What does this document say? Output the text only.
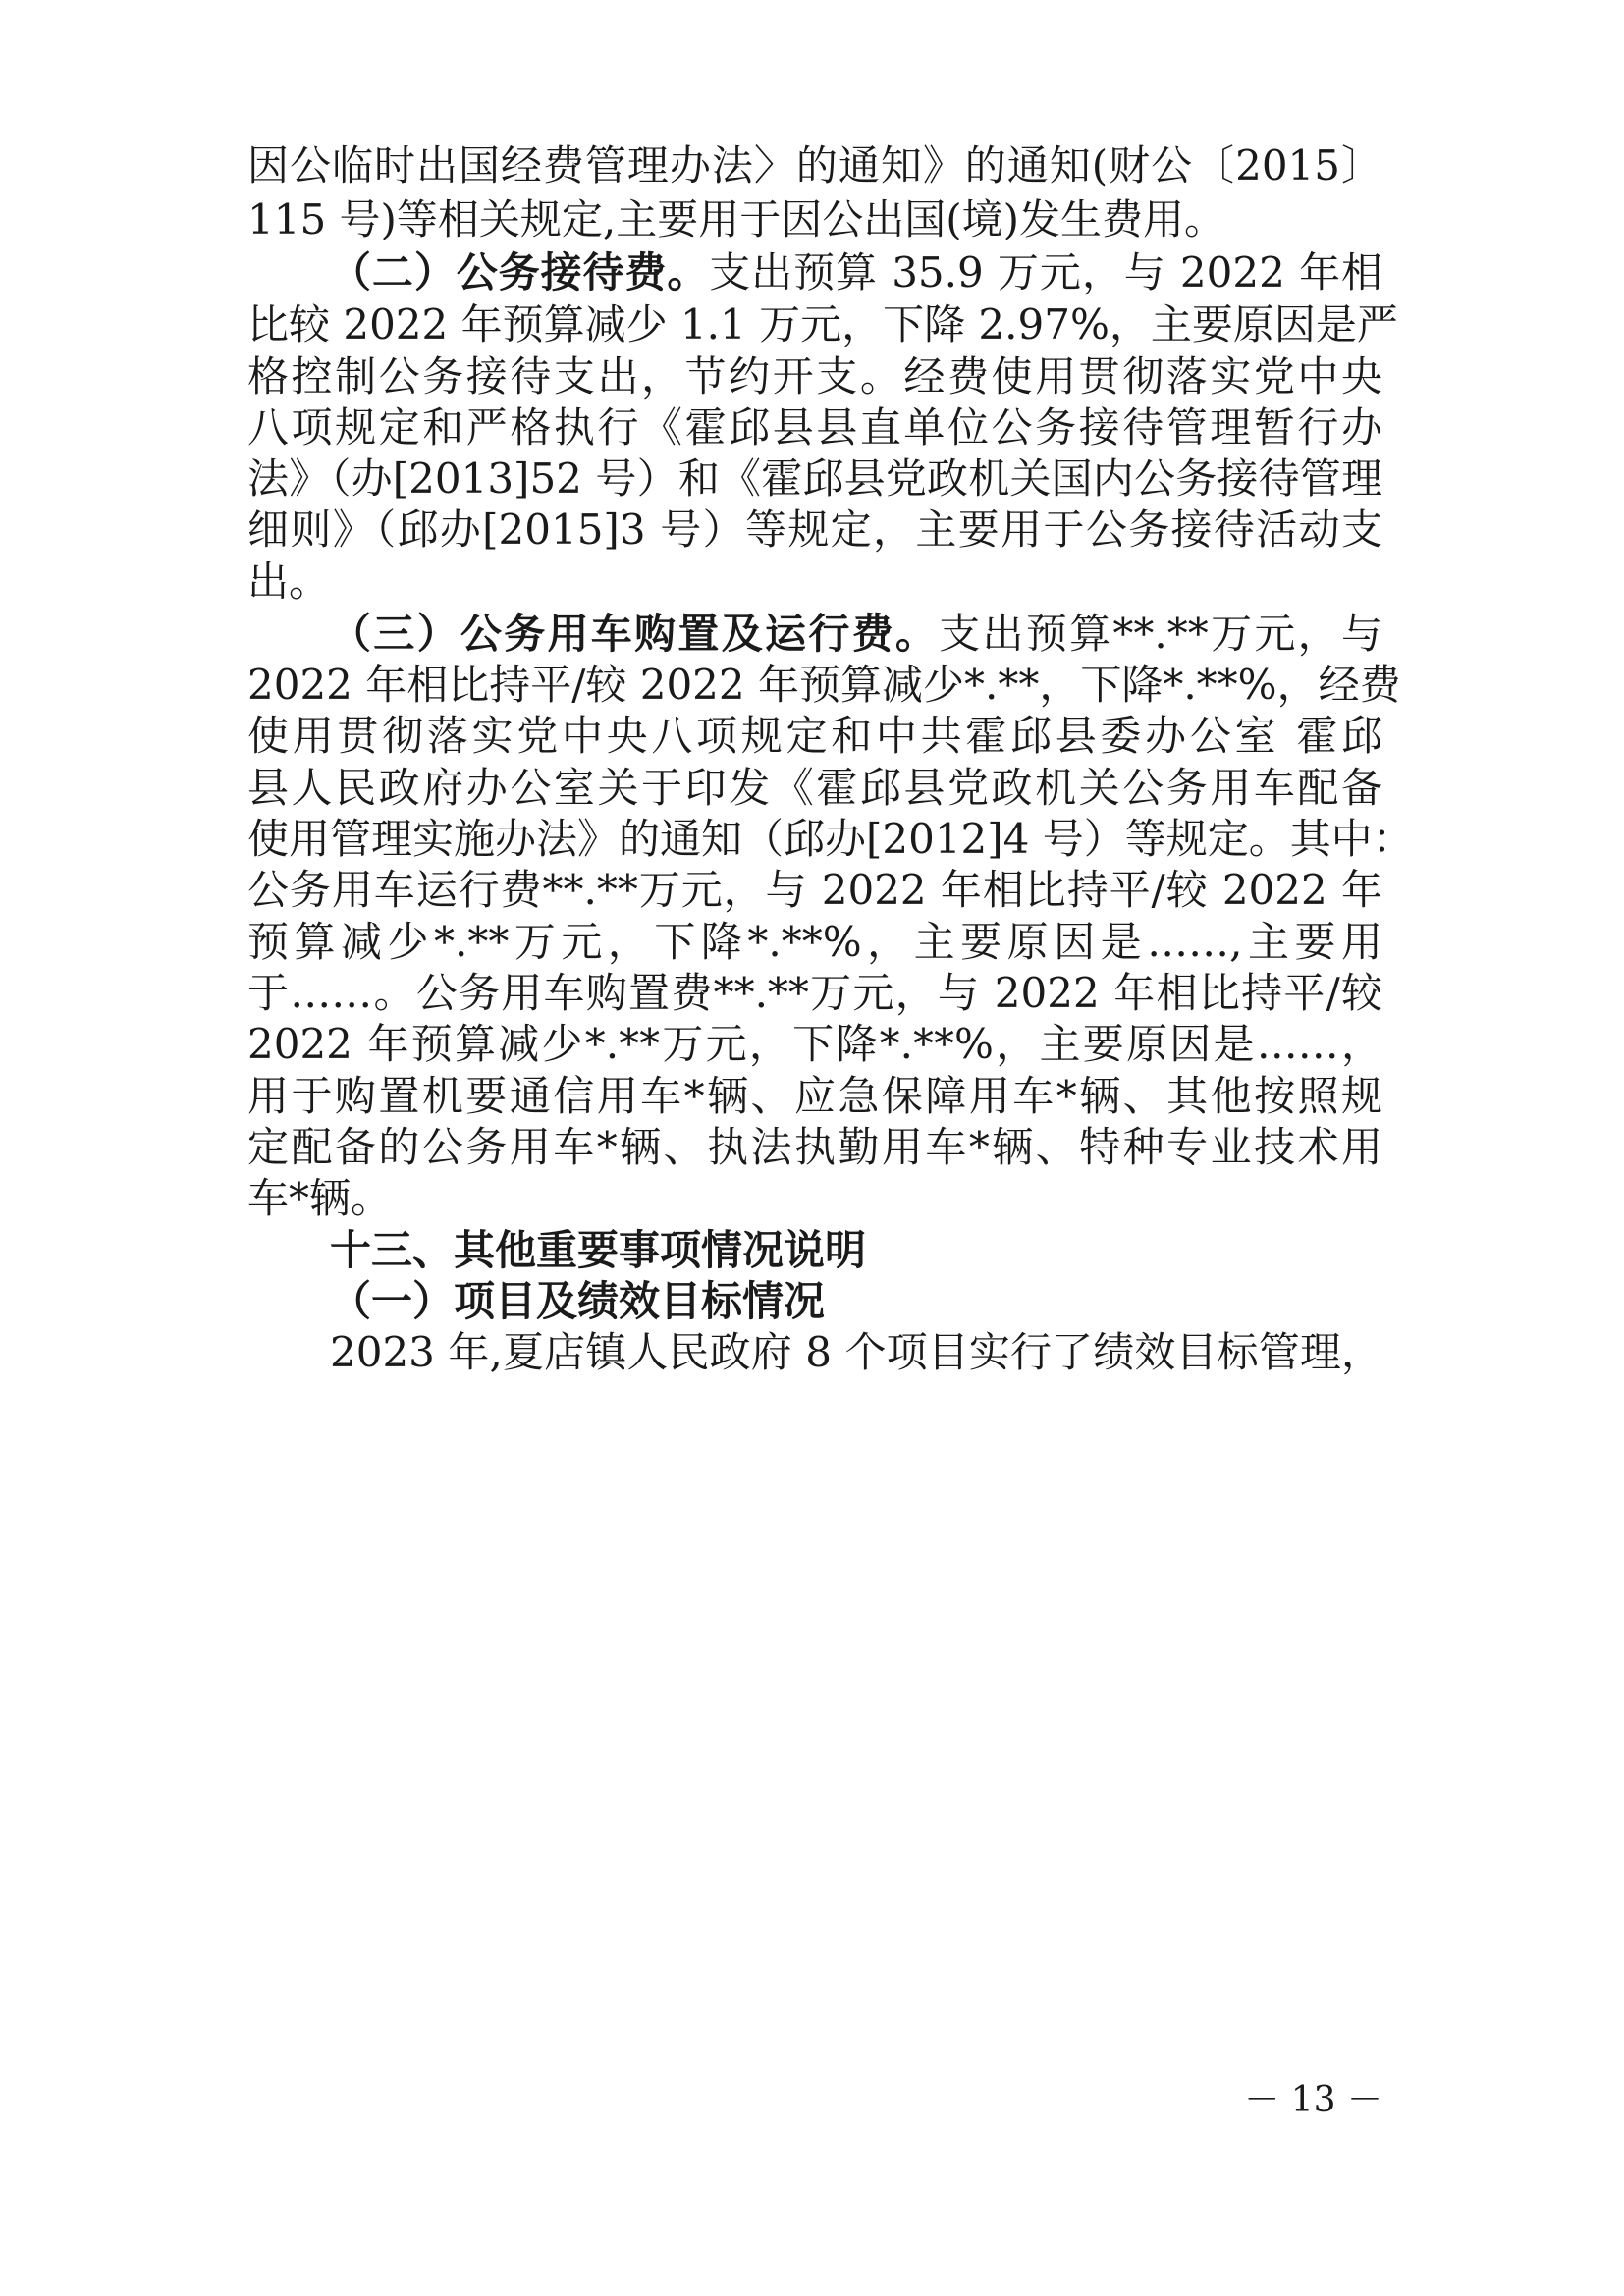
因公临时出国经费管理办法〉的通知》的通知(财公〔2015〕
115 号)等相关规定,主要用于因公出国(境)发生费用。
（二）公务接待费。支出预算 35.9 万元，与 2022 年相
比较 2022 年预算减少 1.1 万元，下降 2.97%，主要原因是严
格控制公务接待支出，节约开支。经费使用贯彻落实党中央
八项规定和严格执行《霍邱县县直单位公务接待管理暂行办
法》（办[2013]52 号）和《霍邱县党政机关国内公务接待管理
细则》（邱办[2015]3 号）等规定，主要用于公务接待活动支
出。
（三）公务用车购置及运行费。支出预算**.**万元，与
2022 年相比持平/较 2022 年预算减少*.**，下降*.**%，经费
使用贯彻落实党中央八项规定和中共霍邱县委办公室 霍邱
县人民政府办公室关于印发《霍邱县党政机关公务用车配备
使用管理实施办法》的通知（邱办[2012]4 号）等规定。其中：
公务用车运行费**.**万元，与 2022 年相比持平/较 2022 年
预算减少*.**万元，下降*.**%，主要原因是……,主要用
于……。公务用车购置费**.**万元，与 2022 年相比持平/较
2022 年预算减少*.**万元，下降*.**%，主要原因是……，
用于购置机要通信用车*辆、应急保障用车*辆、其他按照规
定配备的公务用车*辆、执法执勤用车*辆、特种专业技术用
车*辆。
十三、其他重要事项情况说明
（一）项目及绩效目标情况
2023 年,夏店镇人民政府 8 个项目实行了绩效目标管理，
－ 13 －
